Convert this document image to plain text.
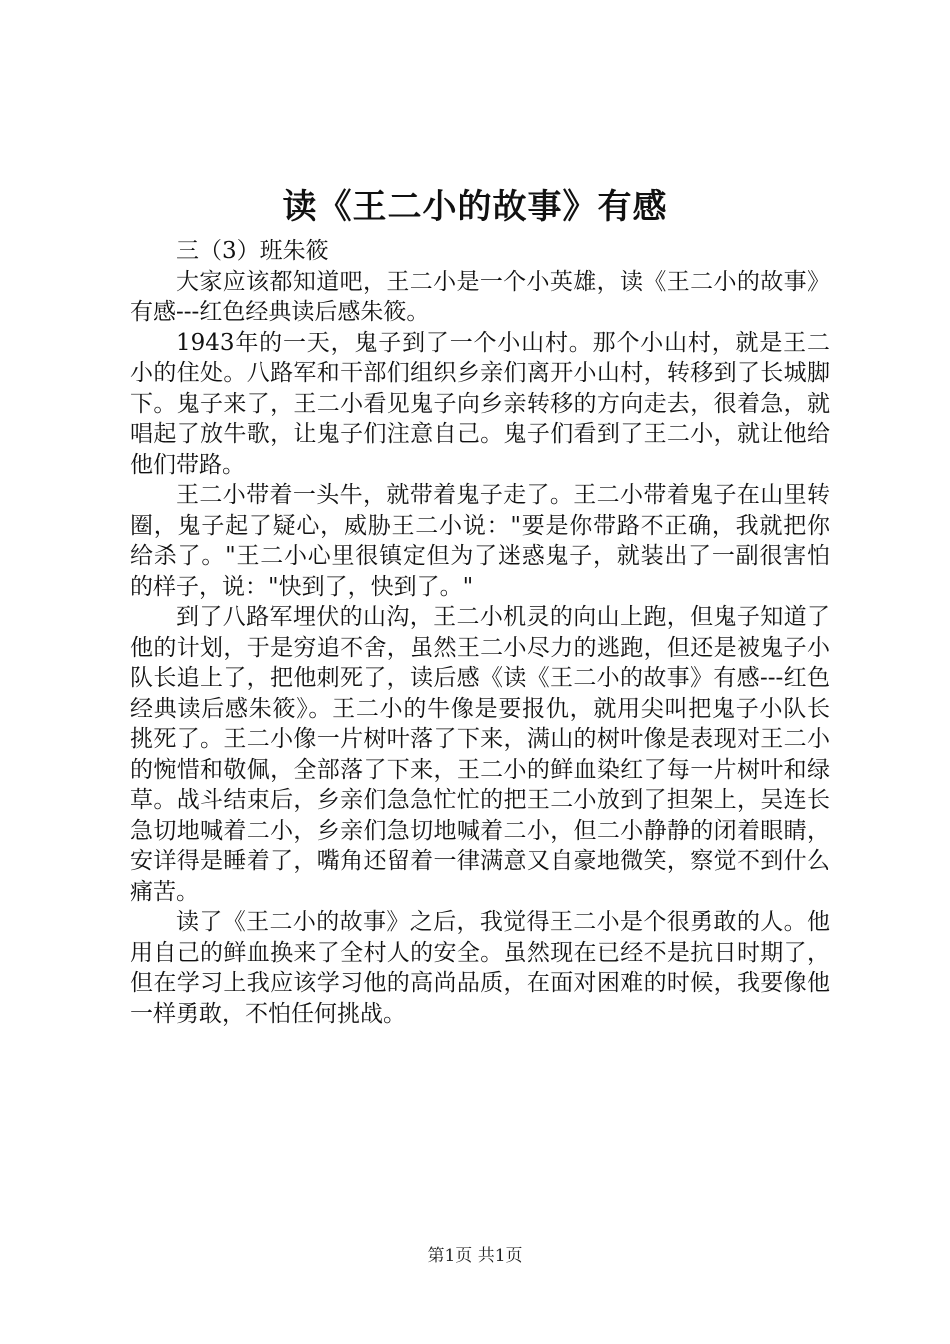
读《王二小的故事》有感

三（3）班朱筱

大家应该都知道吧，王二小是一个小英雄，读《王二小的故事》有感---红色经典读后感朱筱。

1943年的一天，鬼子到了一个小山村。那个小山村，就是王二小的住处。八路军和干部们组织乡亲们离开小山村，转移到了长城脚下。鬼子来了，王二小看见鬼子向乡亲转移的方向走去，很着急，就唱起了放牛歌，让鬼子们注意自己。鬼子们看到了王二小，就让他给他们带路。

王二小带着一头牛，就带着鬼子走了。王二小带着鬼子在山里转圈，鬼子起了疑心，威胁王二小说："要是你带路不正确，我就把你给杀了。"王二小心里很镇定但为了迷惑鬼子，就装出了一副很害怕的样子，说："快到了，快到了。"

到了八路军埋伏的山沟，王二小机灵的向山上跑，但鬼子知道了他的计划，于是穷追不舍，虽然王二小尽力的逃跑，但还是被鬼子小队长追上了，把他刺死了，读后感《读《王二小的故事》有感---红色经典读后感朱筱》。王二小的牛像是要报仇，就用尖叫把鬼子小队长挑死了。王二小像一片树叶落了下来，满山的树叶像是表现对王二小的惋惜和敬佩，全部落了下来，王二小的鲜血染红了每一片树叶和绿草。战斗结束后，乡亲们急急忙忙的把王二小放到了担架上，吴连长急切地喊着二小，乡亲们急切地喊着二小，但二小静静的闭着眼睛，安详得是睡着了，嘴角还留着一律满意又自豪地微笑，察觉不到什么痛苦。

读了《王二小的故事》之后，我觉得王二小是个很勇敢的人。他用自己的鲜血换来了全村人的安全。虽然现在已经不是抗日时期了，但在学习上我应该学习他的高尚品质，在面对困难的时候，我要像他一样勇敢，不怕任何挑战。

第1页 共1页
